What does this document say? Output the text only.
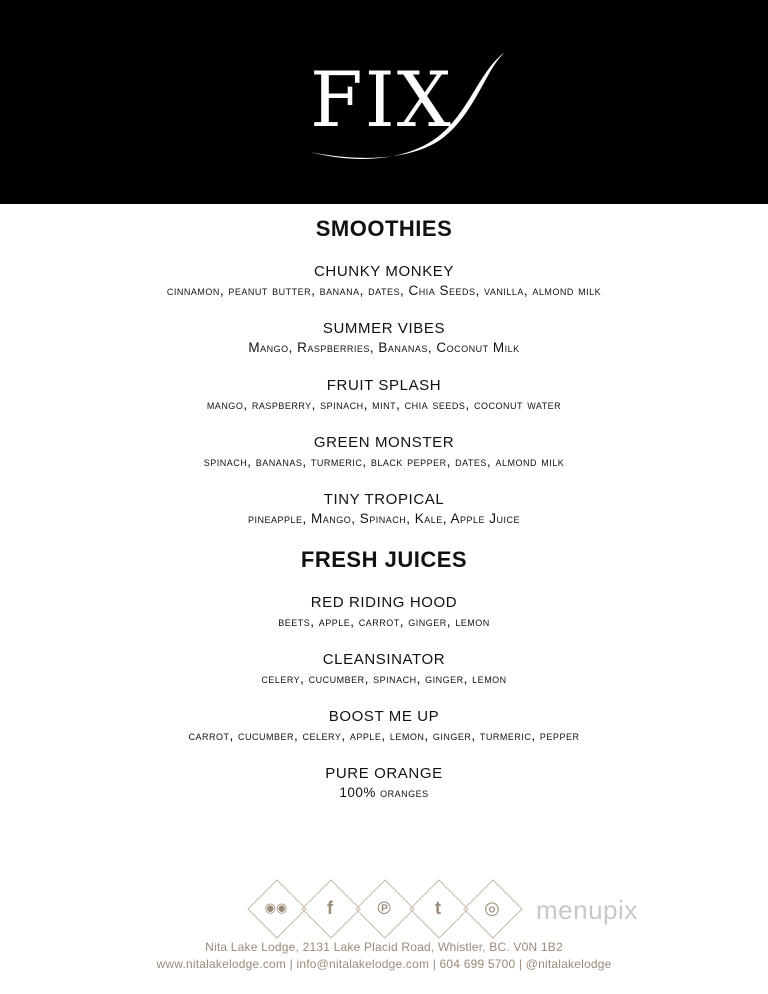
FIX
SMOOTHIES
CHUNKY MONKEY
cinnamon, peanut butter, banana, dates, Chia Seeds, vanilla, almond milk
SUMMER VIBES
Mango, Raspberries, Bananas, Coconut Milk
FRUIT SPLASH
mango, raspberry, spinach, mint, chia seeds, coconut water
GREEN MONSTER
spinach, bananas, turmeric, black pepper, dates, almond milk
TINY TROPICAL
pineapple, Mango, Spinach, Kale, Apple Juice
FRESH JUICES
RED RIDING HOOD
beets, apple, carrot, ginger, lemon
CLEANSINATOR
celery, cucumber, spinach, ginger, lemon
BOOST ME UP
carrot, cucumber, celery, apple, lemon, ginger, turmeric, pepper
PURE ORANGE
100% oranges
◉◉	f	℗	t	◎ menupix
Nita Lake Lodge, 2131 Lake Placid Road, Whistler, BC. V0N 1B2
www.nitalakelodge.com | info@nitalakelodge.com | 604 699 5700 | @nitalakelodge
